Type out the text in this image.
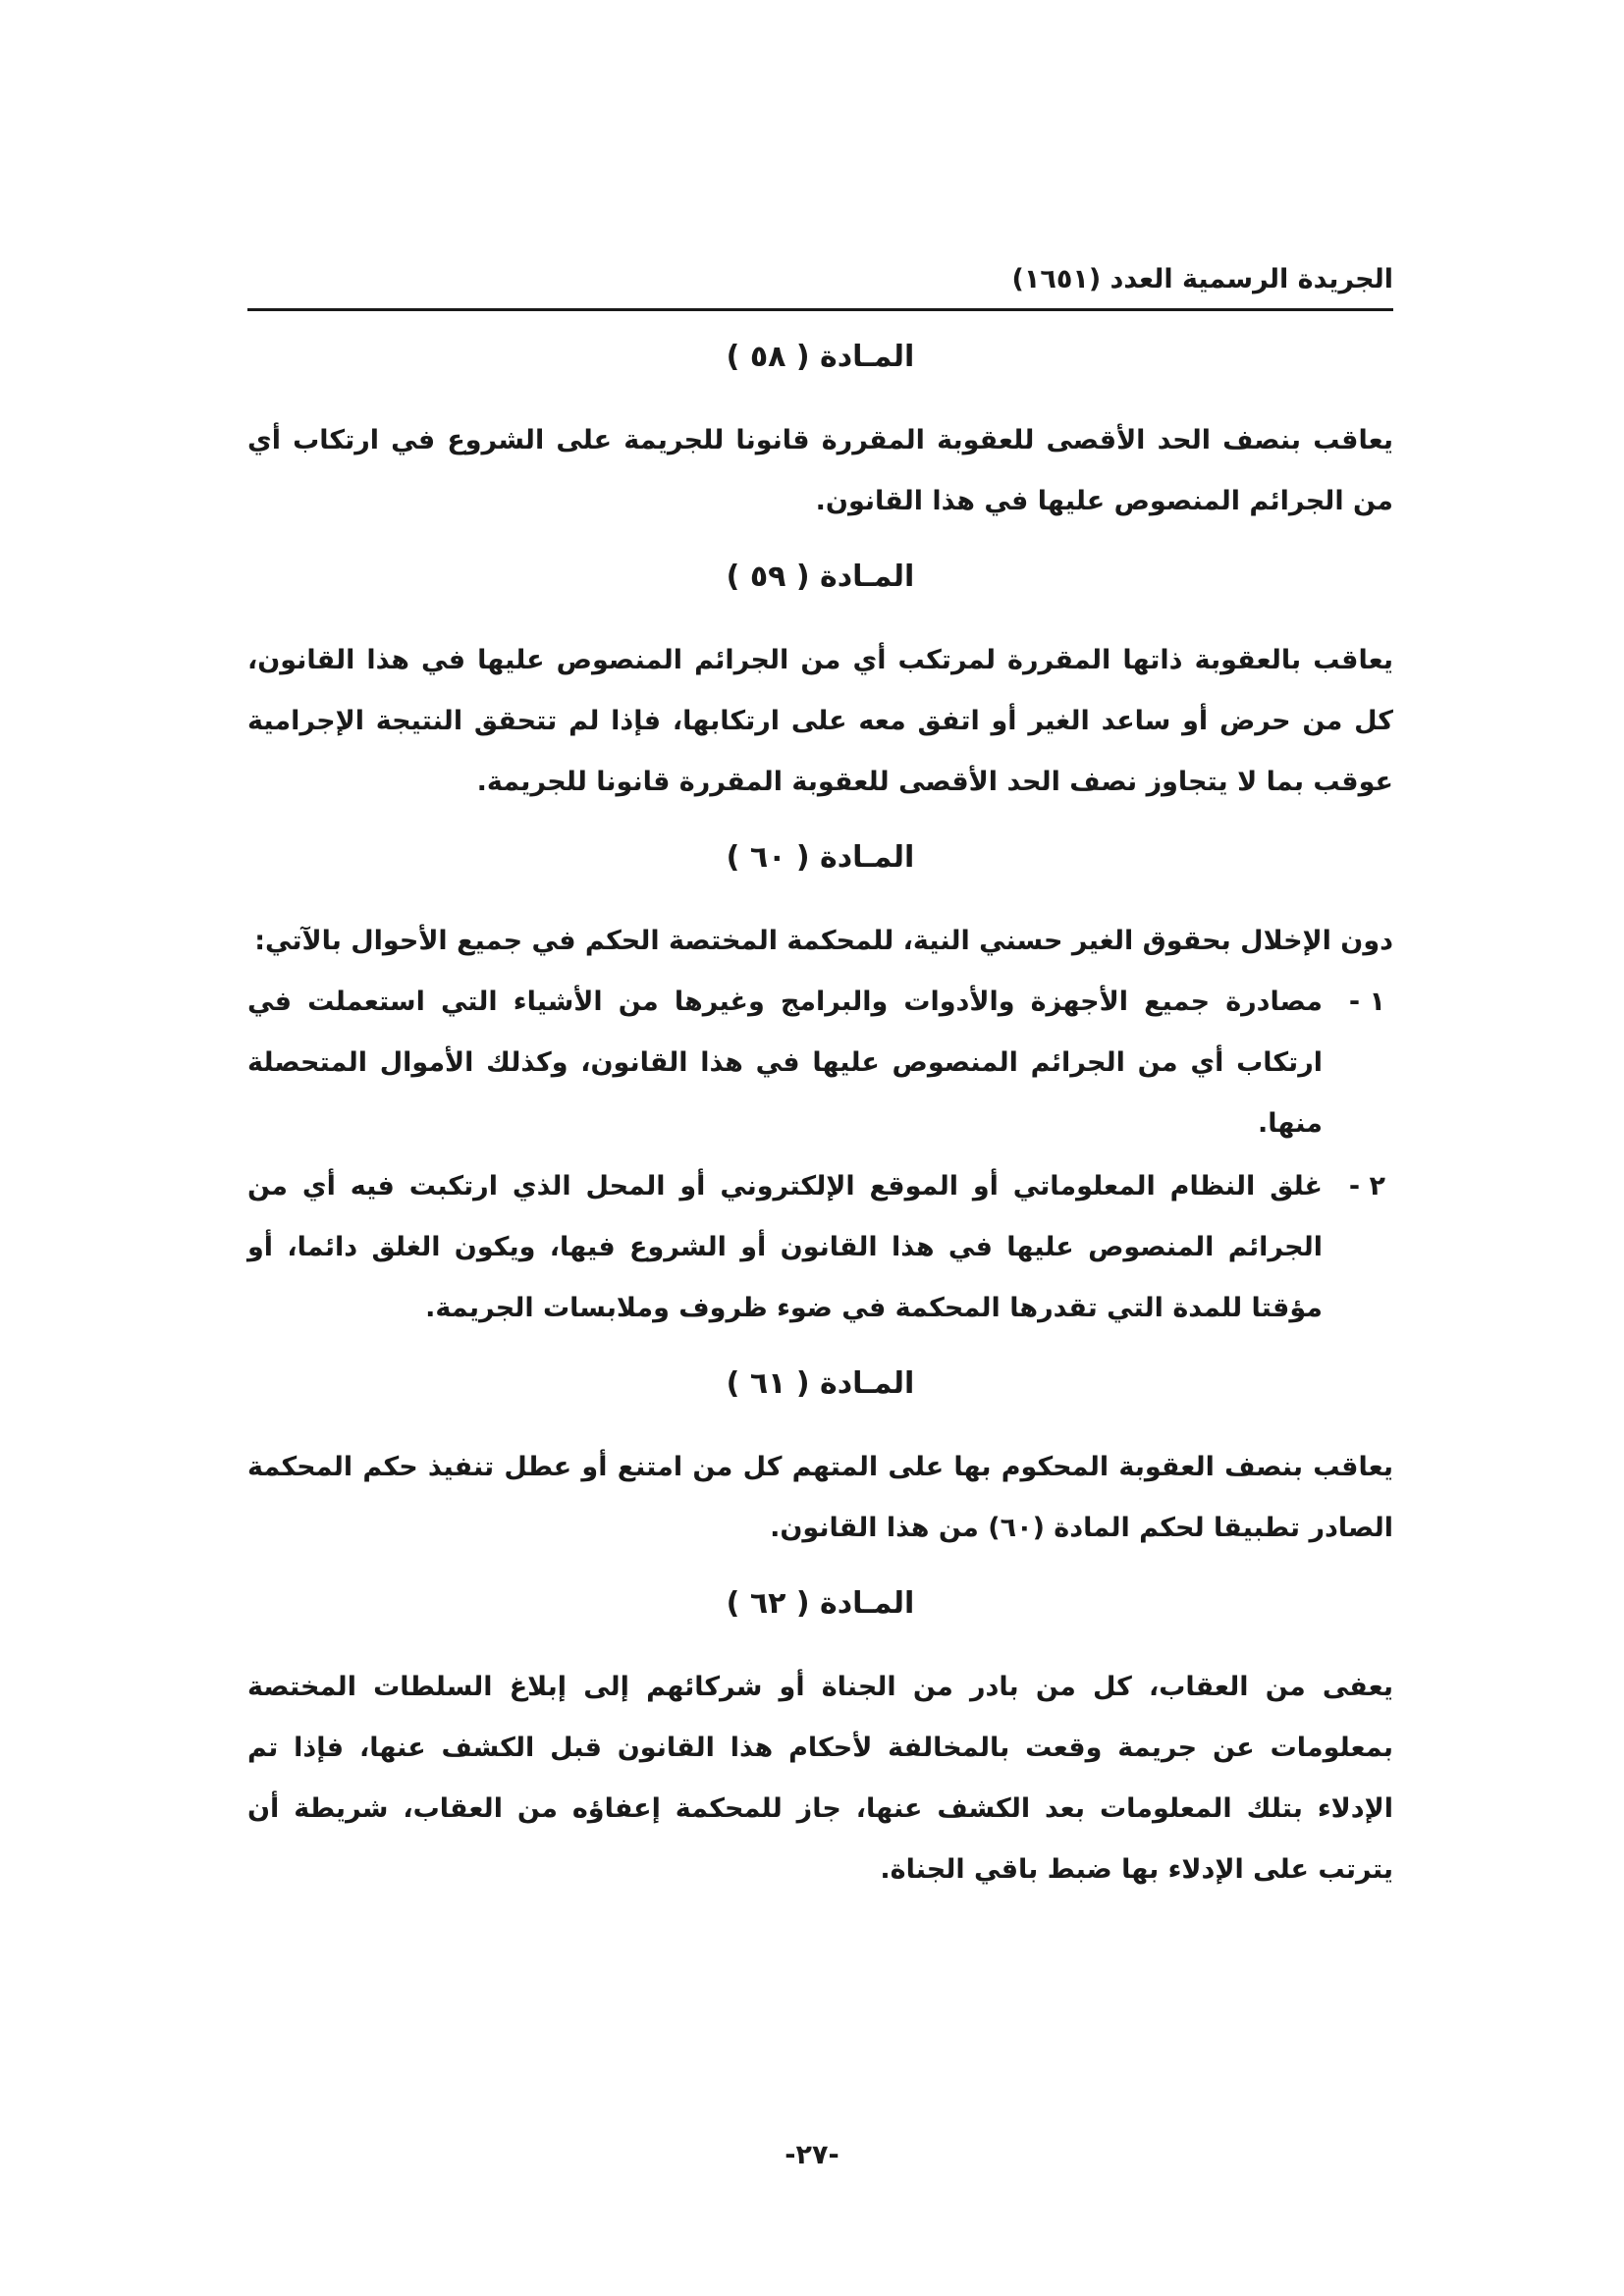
الجريدة الرسمية العدد (١٦٥١)
المـادة ( ٥٨ )

يعاقب بنصف الحد الأقصى للعقوبة المقررة قانونا للجريمة على الشروع في ارتكاب أي من الجرائم المنصوص عليها في هذا القانون.

المـادة ( ٥٩ )

يعاقب بالعقوبة ذاتها المقررة لمرتكب أي من الجرائم المنصوص عليها في هذا القانون، كل من حرض أو ساعد الغير أو اتفق معه على ارتكابها، فإذا لم تتحقق النتيجة الإجرامية عوقب بما لا يتجاوز نصف الحد الأقصى للعقوبة المقررة قانونا للجريمة.

المـادة ( ٦٠ )

دون الإخلال بحقوق الغير حسني النية، للمحكمة المختصة الحكم في جميع الأحوال بالآتي:

١ -
مصادرة جميع الأجهزة والأدوات والبرامج وغيرها من الأشياء التي استعملت في ارتكاب أي من الجرائم المنصوص عليها في هذا القانون، وكذلك الأموال المتحصلة منها.
٢ -
غلق النظام المعلوماتي أو الموقع الإلكتروني أو المحل الذي ارتكبت فيه أي من الجرائم المنصوص عليها في هذا القانون أو الشروع فيها، ويكون الغلق دائما، أو مؤقتا للمدة التي تقدرها المحكمة في ضوء ظروف وملابسات الجريمة.
المـادة ( ٦١ )

يعاقب بنصف العقوبة المحكوم بها على المتهم كل من امتنع أو عطل تنفيذ حكم المحكمة الصادر تطبيقا لحكم المادة (٦٠) من هذا القانون.

المـادة ( ٦٢ )

يعفى من العقاب، كل من بادر من الجناة أو شركائهم إلى إبلاغ السلطات المختصة بمعلومات عن جريمة وقعت بالمخالفة لأحكام هذا القانون قبل الكشف عنها، فإذا تم الإدلاء بتلك المعلومات بعد الكشف عنها، جاز للمحكمة إعفاؤه من العقاب، شريطة أن يترتب على الإدلاء بها ضبط باقي الجناة.

-٢٧-
